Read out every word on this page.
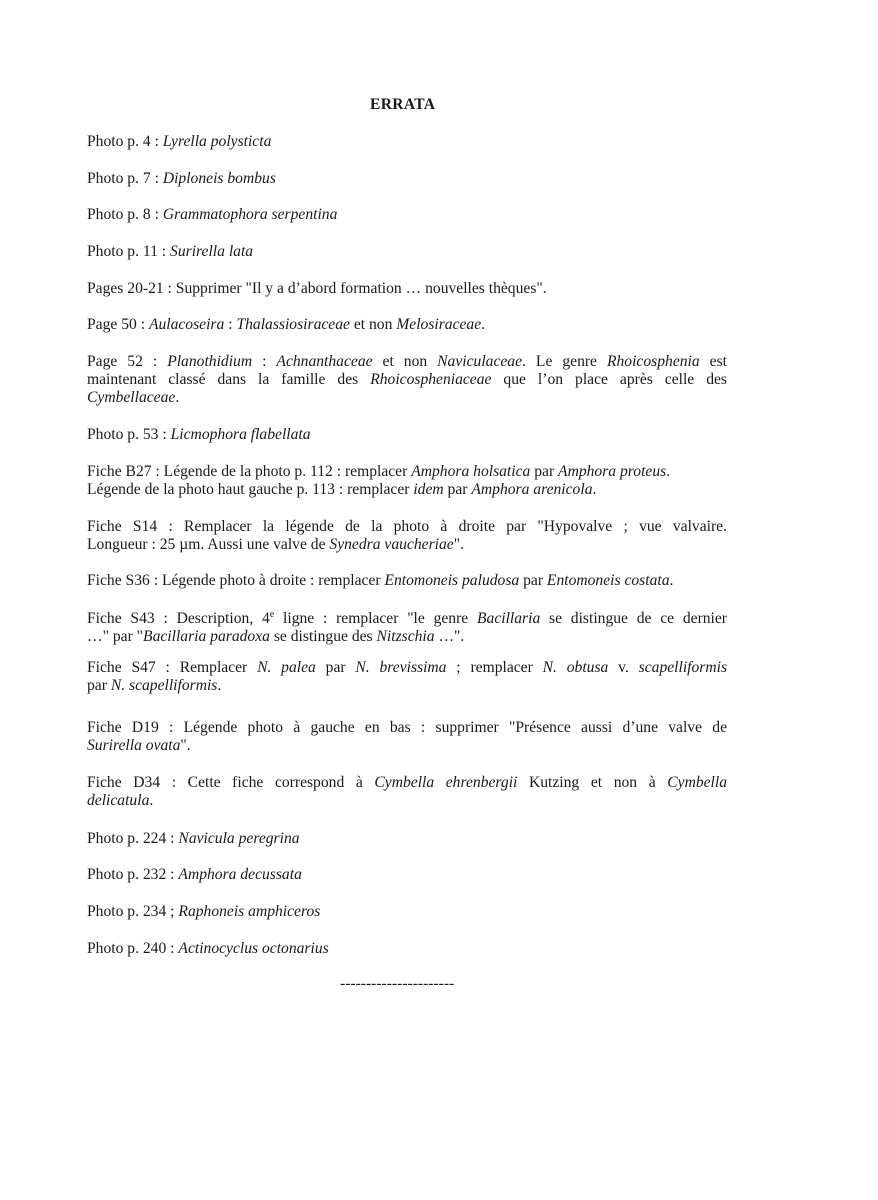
ERRATA

Photo p. 4 : Lyrella polysticta

Photo p. 7 : Diploneis bombus

Photo p. 8 : Grammatophora serpentina

Photo p. 11 : Surirella lata

Pages 20-21 : Supprimer "Il y a d’abord formation … nouvelles thèques".

Page 50 : Aulacoseira : Thalassiosiraceae et non Melosiraceae.

Page 52 : Planothidium : Achnanthaceae et non Naviculaceae. Le genre Rhoicosphenia est
maintenant classé dans la famille des Rhoicospheniaceae que l’on place après celle des
Cymbellaceae.

Photo p. 53 : Licmophora flabellata

Fiche B27 : Légende de la photo p. 112 : remplacer Amphora holsatica par Amphora proteus.
Légende de la photo haut gauche p. 113 : remplacer idem par Amphora arenicola.
Fiche S14 : Remplacer la légende de la photo à droite par "Hypovalve ; vue valvaire.
Longueur : 25 µm. Aussi une valve de Synedra vaucheriae".

Fiche S36 : Légende photo à droite : remplacer Entomoneis paludosa par Entomoneis costata.

Fiche S43 : Description, 4e ligne : remplacer "le genre Bacillaria se distingue de ce dernier
…" par "Bacillaria paradoxa se distingue des Nitzschia …".
Fiche S47 : Remplacer N. palea par N. brevissima ; remplacer N. obtusa v. scapelliformis
par N. scapelliformis.
Fiche D19 : Légende photo à gauche en bas : supprimer "Présence aussi d’une valve de
Surirella ovata".
Fiche D34 : Cette fiche correspond à Cymbella ehrenbergii Kutzing et non à Cymbella
delicatula.

Photo p. 224 : Navicula peregrina

Photo p. 232 : Amphora decussata

Photo p. 234 ; Raphoneis amphiceros

Photo p. 240 : Actinocyclus octonarius

----------------------
